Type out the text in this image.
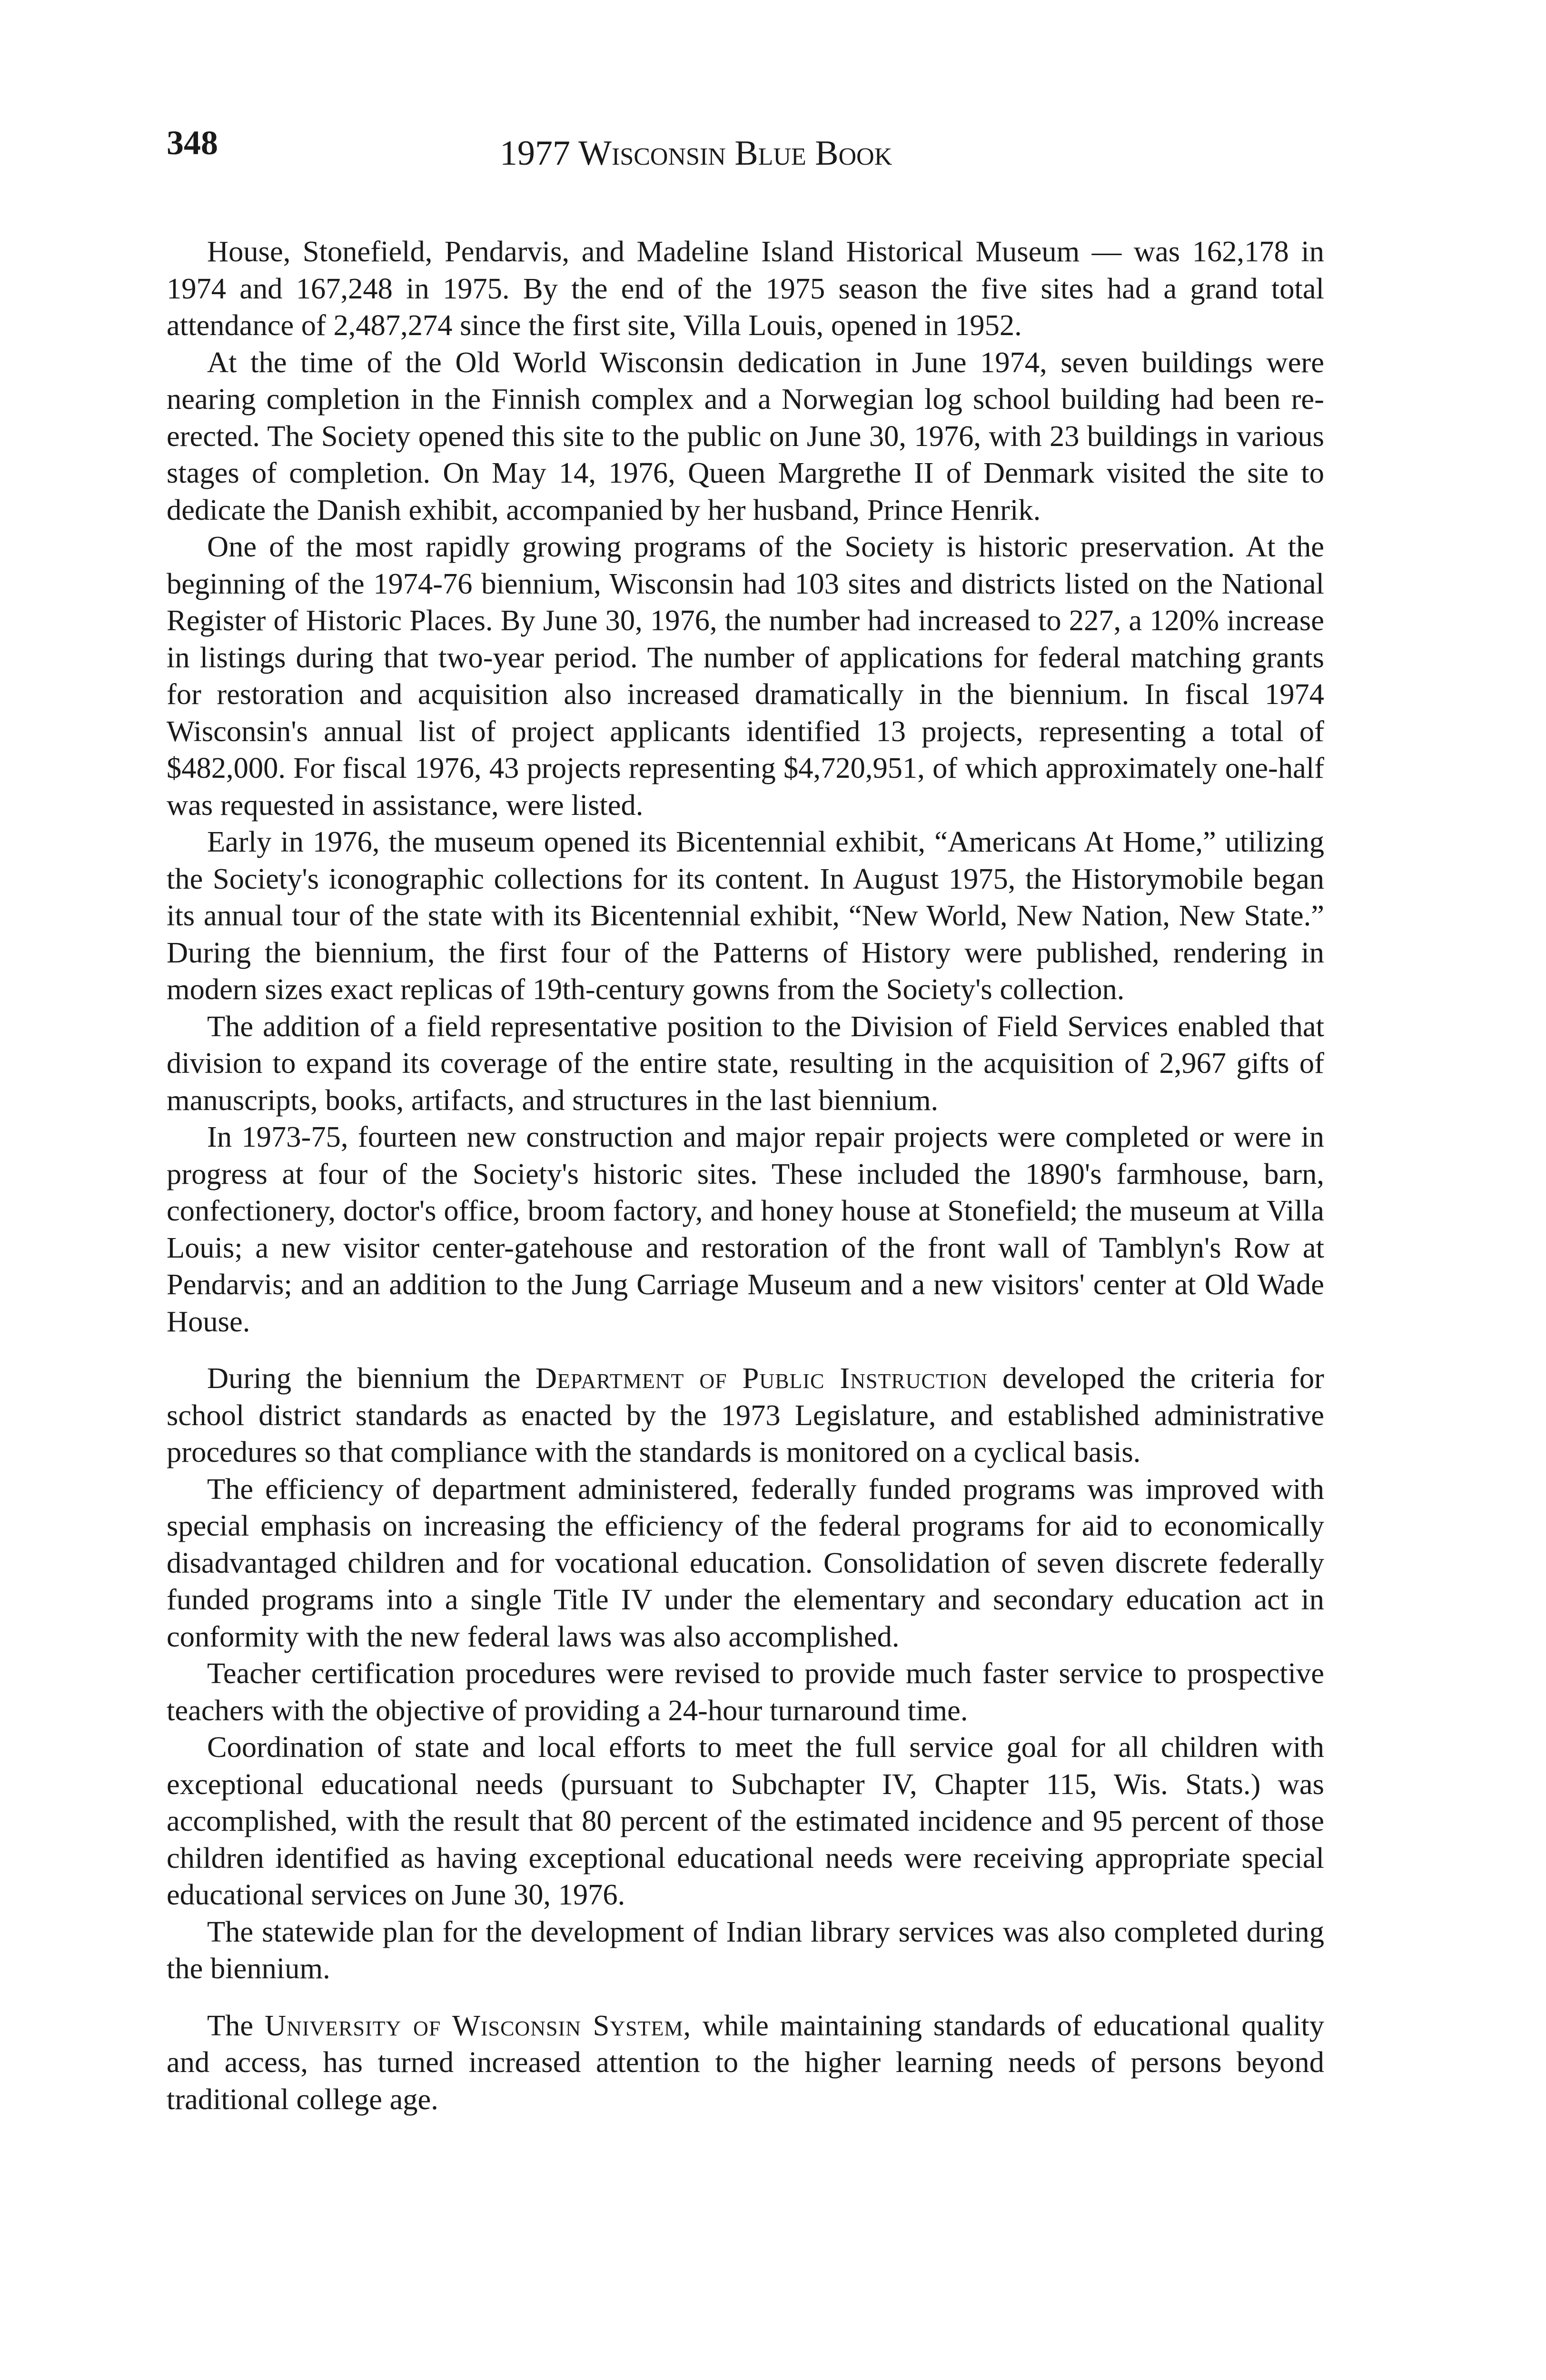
348	1977 Wisconsin Blue Book

House, Stonefield, Pendarvis, and Madeline Island Historical Museum — was 162,178 in 1974 and 167,248 in 1975. By the end of the 1975 season the five sites had a grand total attendance of 2,487,274 since the first site, Villa Louis, opened in 1952.

At the time of the Old World Wisconsin dedication in June 1974, seven buildings were nearing completion in the Finnish complex and a Norwegian log school building had been re-erected. The Society opened this site to the public on June 30, 1976, with 23 buildings in various stages of completion. On May 14, 1976, Queen Margrethe II of Denmark visited the site to dedicate the Danish exhibit, accompanied by her husband, Prince Henrik.

One of the most rapidly growing programs of the Society is historic preservation. At the beginning of the 1974-76 biennium, Wisconsin had 103 sites and districts listed on the National Register of Historic Places. By June 30, 1976, the number had increased to 227, a 120% increase in listings during that two-year period. The number of applications for federal matching grants for restoration and acquisition also increased dramatically in the biennium. In fiscal 1974 Wisconsin's annual list of project applicants identified 13 projects, representing a total of $482,000. For fiscal 1976, 43 projects representing $4,720,951, of which approximately one-half was requested in assistance, were listed.

Early in 1976, the museum opened its Bicentennial exhibit, “Americans At Home,” utilizing the Society's iconographic collections for its content. In August 1975, the Historymobile began its annual tour of the state with its Bicentennial exhibit, “New World, New Nation, New State.” During the biennium, the first four of the Patterns of History were published, rendering in modern sizes exact replicas of 19th-century gowns from the Society's collection.

The addition of a field representative position to the Division of Field Services enabled that division to expand its coverage of the entire state, resulting in the acquisition of 2,967 gifts of manuscripts, books, artifacts, and structures in the last biennium.

In 1973-75, fourteen new construction and major repair projects were completed or were in progress at four of the Society's historic sites. These included the 1890's farmhouse, barn, confectionery, doctor's office, broom factory, and honey house at Stonefield; the museum at Villa Louis; a new visitor center-gatehouse and restoration of the front wall of Tamblyn's Row at Pendarvis; and an addition to the Jung Carriage Museum and a new visitors' center at Old Wade House.

During the biennium the Department of Public Instruction developed the criteria for school district standards as enacted by the 1973 Legislature, and established administrative procedures so that compliance with the standards is monitored on a cyclical basis.

The efficiency of department administered, federally funded programs was improved with special emphasis on increasing the efficiency of the federal programs for aid to economically disadvantaged children and for vocational education. Consolidation of seven discrete federally funded programs into a single Title IV under the elementary and secondary education act in conformity with the new federal laws was also accomplished.

Teacher certification procedures were revised to provide much faster service to prospective teachers with the objective of providing a 24-hour turnaround time.

Coordination of state and local efforts to meet the full service goal for all children with exceptional educational needs (pursuant to Subchapter IV, Chapter 115, Wis. Stats.) was accomplished, with the result that 80 percent of the estimated incidence and 95 percent of those children identified as having exceptional educational needs were receiving appropriate special educational services on June 30, 1976.

The statewide plan for the development of Indian library services was also completed during the biennium.

The University of Wisconsin System, while maintaining standards of educational quality and access, has turned increased attention to the higher learning needs of persons beyond traditional college age.
